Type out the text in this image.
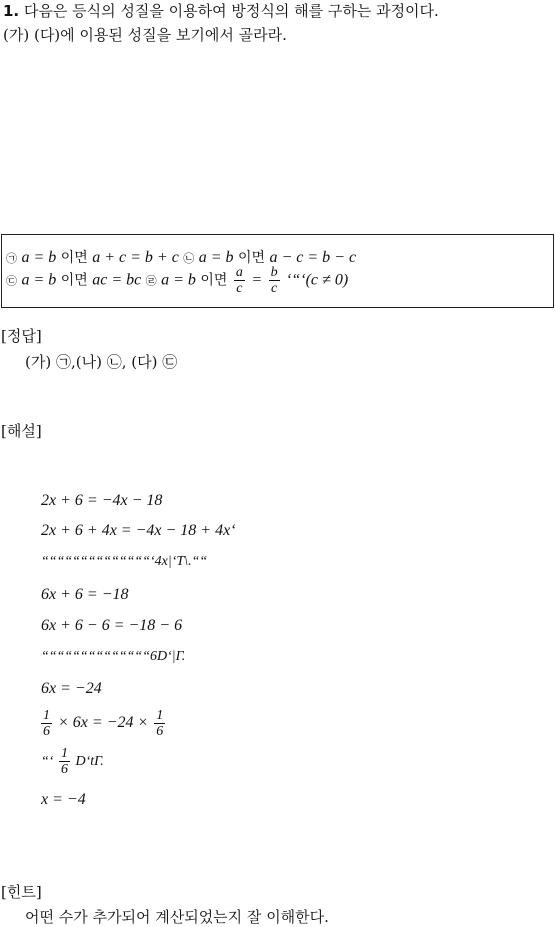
1. 다음은 등식의 성질을 이용하여 방정식의 해를 구하는 과정이다.
(가) (다)에 이용된 성질을 보기에서 골라라.
㉠ a = b 이면 a + c = b + c ㉡ a = b 이면 a − c = b − c
㉢ a = b 이면 ac = bc ㉣ a = b 이면 $\frac{a}{c} = \frac{b}{c}$ ‘“‘(c ≠ 0)
[정답]
(가) ㉠,(나) ㉡, (다) ㉢
[해설]
2x + 6 = −4x − 18
2x + 6 + 4x = −4x − 18 + 4x‘
““““““““““““““‘4x|‘T\.““
6x + 6 = −18
6x + 6 − 6 = −18 − 6
““““““““““““““6D‘|Γ.
6x = −24
$\frac{1}{6} \times 6x = -24 \times \frac{1}{6}$
“‘ $\frac{1}{6}$ D‘tΓ.
x = −4
[힌트]
어떤 수가 추가되어 계산되었는지 잘 이해한다.
